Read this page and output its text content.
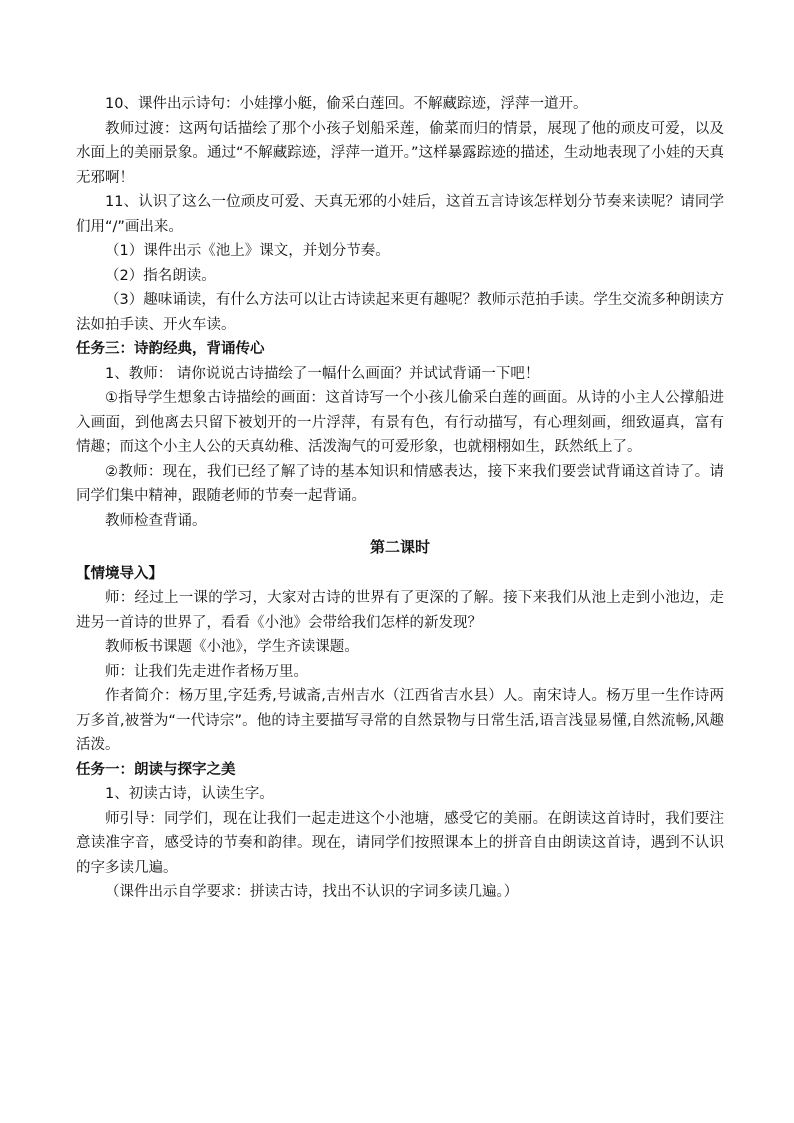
10、课件出示诗句：小娃撑小艇，偷采白莲回。不解藏踪迹，浮萍一道开。

教师过渡：这两句话描绘了那个小孩子划船采莲，偷菜而归的情景，展现了他的顽皮可爱，以及水面上的美丽景象。通过“不解藏踪迹，浮萍一道开。”这样暴露踪迹的描述，生动地表现了小娃的天真无邪啊！

11、认识了这么一位顽皮可爱、天真无邪的小娃后，这首五言诗该怎样划分节奏来读呢？请同学们用“/”画出来。

（1）课件出示《池上》课文，并划分节奏。

（2）指名朗读。

（3）趣味诵读，有什么方法可以让古诗读起来更有趣呢？教师示范拍手读。学生交流多种朗读方法如拍手读、开火车读。

任务三：诗韵经典，背诵传心

1、教师： 请你说说古诗描绘了一幅什么画面？并试试背诵一下吧！

①指导学生想象古诗描绘的画面：这首诗写一个小孩儿偷采白莲的画面。从诗的小主人公撑船进入画面，到他离去只留下被划开的一片浮萍，有景有色，有行动描写，有心理刻画，细致逼真，富有情趣；而这个小主人公的天真幼稚、活泼淘气的可爱形象，也就栩栩如生，跃然纸上了。

②教师：现在，我们已经了解了诗的基本知识和情感表达，接下来我们要尝试背诵这首诗了。请同学们集中精神，跟随老师的节奏一起背诵。

教师检查背诵。

第二课时

【情境导入】

师：经过上一课的学习，大家对古诗的世界有了更深的了解。接下来我们从池上走到小池边，走进另一首诗的世界了，看看《小池》会带给我们怎样的新发现？

教师板书课题《小池》，学生齐读课题。

师：让我们先走进作者杨万里。

作者简介：杨万里,字廷秀,号诚斋,吉州吉水（江西省吉水县）人。南宋诗人。杨万里一生作诗两万多首,被誉为“一代诗宗”。他的诗主要描写寻常的自然景物与日常生活,语言浅显易懂,自然流畅,风趣活泼。

任务一：朗读与探字之美

1、初读古诗，认读生字。

师引导：同学们，现在让我们一起走进这个小池塘，感受它的美丽。在朗读这首诗时，我们要注意读准字音，感受诗的节奏和韵律。现在，请同学们按照课本上的拼音自由朗读这首诗，遇到不认识的字多读几遍。

（课件出示自学要求：拼读古诗，找出不认识的字词多读几遍。）
